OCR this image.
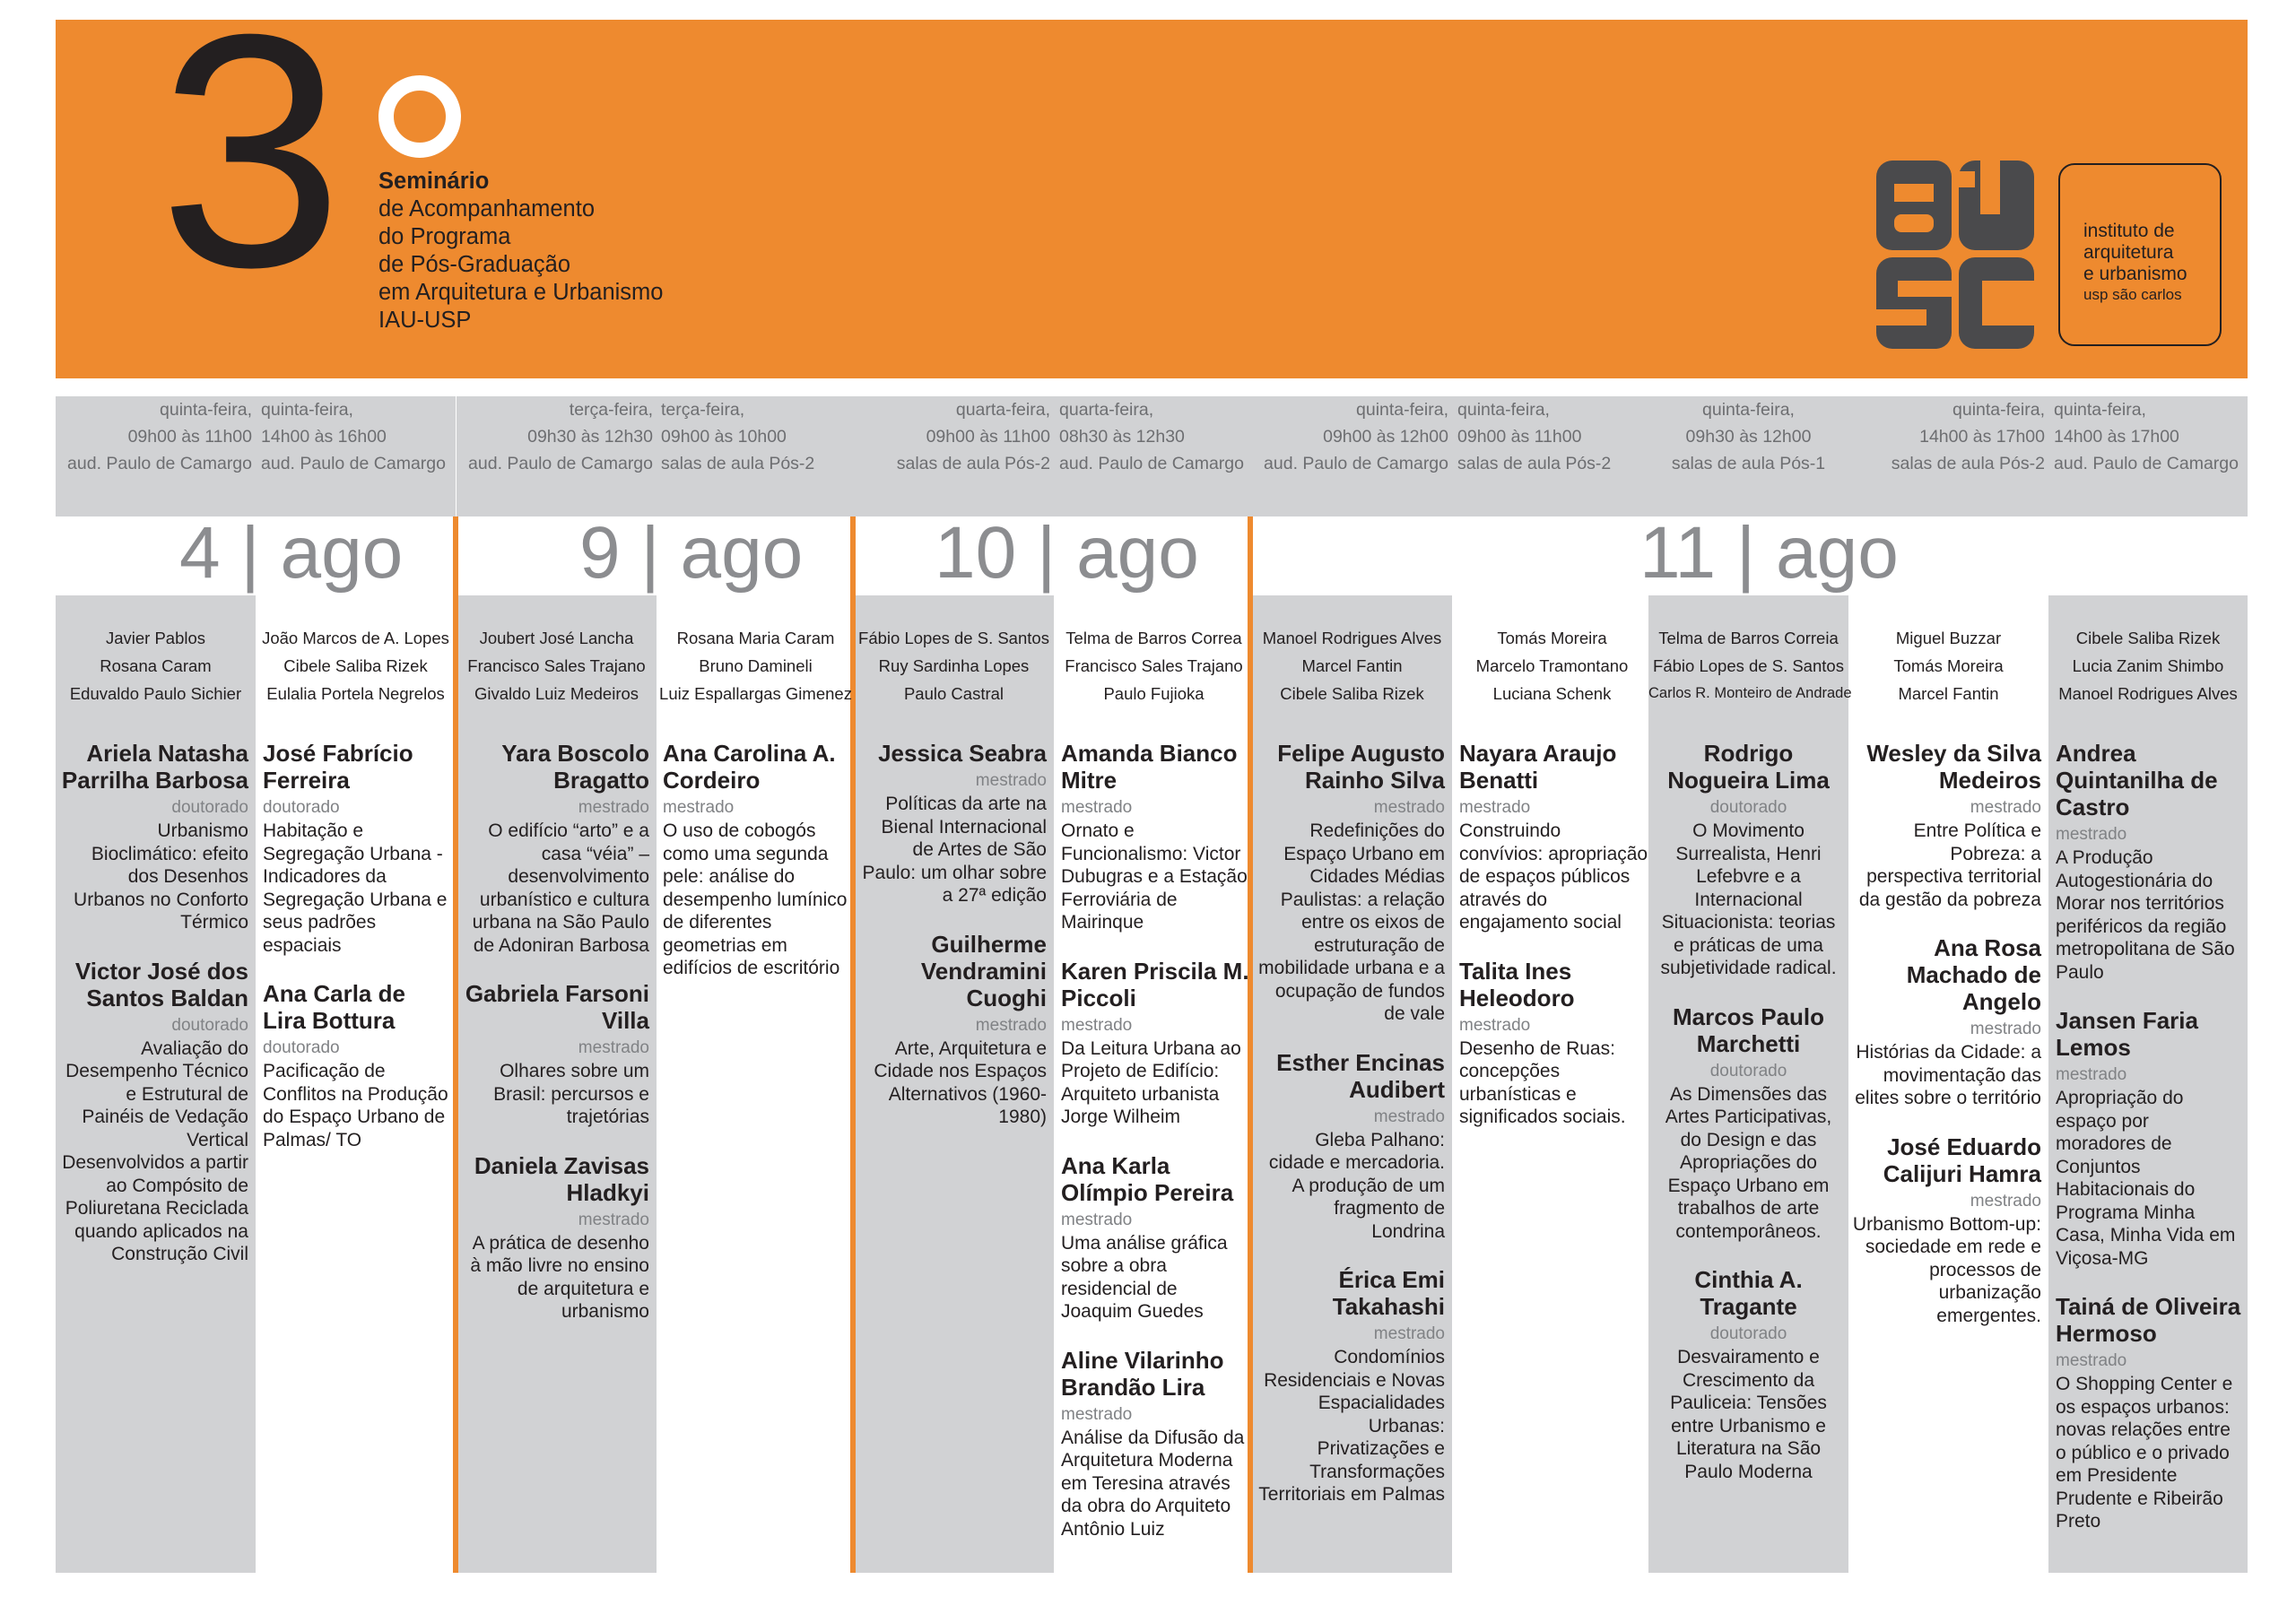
3 Seminário
de Acompanhamento
do Programa
de Pós-Graduação
em Arquitetura e Urbanismo
IAU-USP
instituto de
arquitetura
e urbanismo
usp são carlos
4 | ago 9 | ago 10 | ago	11 | ago
quinta-feira,
09h00 às 11h00
aud. Paulo de Camargo
Javier Pablos
Rosana Caram
Eduvaldo Paulo Sichier
Ariela Natasha Parrilha Barbosa
doutorado
Urbanismo Bioclimático: efeito dos Desenhos Urbanos no Conforto Térmico
Victor José dos Santos Baldan
doutorado
Avaliação do Desempenho Técnico e Estrutural de Painéis de Vedação Vertical Desenvolvidos a partir ao Compósito de Poliuretana Reciclada quando aplicados na Construção Civil
quinta-feira,
14h00 às 16h00
aud. Paulo de Camargo
João Marcos de A. Lopes
Cibele Saliba Rizek
Eulalia Portela Negrelos
José Fabrício Ferreira
doutorado
Habitação e Segregação Urbana - Indicadores da Segregação Urbana e seus padrões espaciais
Ana Carla de Lira Bottura
doutorado
Pacificação de Conflitos na Produção do Espaço Urbano de Palmas/ TO
terça-feira,
09h30 às 12h30
aud. Paulo de Camargo
Joubert José Lancha
Francisco Sales Trajano
Givaldo Luiz Medeiros
Yara Boscolo Bragatto
mestrado
O edifício “arto” e a casa “véia” – desenvolvimento urbanístico e cultura urbana na São Paulo de Adoniran Barbosa
Gabriela Farsoni Villa
mestrado
Olhares sobre um Brasil: percursos e trajetórias
Daniela Zavisas Hladkyi
mestrado
A prática de desenho à mão livre no ensino de arquitetura e urbanismo
terça-feira,
09h00 às 10h00
salas de aula Pós-2
Rosana Maria Caram
Bruno Damineli
Luiz Espallargas Gimenez
Ana Carolina A. Cordeiro
mestrado
O uso de cobogós como uma segunda pele: análise do desempenho lumínico de diferentes geometrias em edifícios de escritório
quarta-feira,
09h00 às 11h00
salas de aula Pós-2
Fábio Lopes de S. Santos
Ruy Sardinha Lopes
Paulo Castral
Jessica Seabra
mestrado
Políticas da arte na Bienal Internacional de Artes de São Paulo: um olhar sobre a 27ª edição
Guilherme Vendramini Cuoghi
mestrado
Arte, Arquitetura e Cidade nos Espaços Alternativos (1960-1980)
quarta-feira,
08h30 às 12h30
aud. Paulo de Camargo
Telma de Barros Correa
Francisco Sales Trajano
Paulo Fujioka
Amanda Bianco Mitre
mestrado
Ornato e Funcionalismo: Victor Dubugras e a Estação Ferroviária de Mairinque
Karen Priscila M. Piccoli
mestrado
Da Leitura Urbana ao Projeto de Edifício: Arquiteto urbanista Jorge Wilheim
Ana Karla Olímpio Pereira
mestrado
Uma análise gráfica sobre a obra residencial de Joaquim Guedes
Aline Vilarinho Brandão Lira
mestrado
Análise da Difusão da Arquitetura Moderna em Teresina através da obra do Arquiteto Antônio Luiz
quinta-feira,
09h00 às 12h00
aud. Paulo de Camargo
Manoel Rodrigues Alves
Marcel Fantin
Cibele Saliba Rizek
Felipe Augusto Rainho Silva
mestrado
Redefinições do Espaço Urbano em Cidades Médias Paulistas: a relação entre os eixos de estruturação de mobilidade urbana e a ocupação de fundos de vale
Esther Encinas Audibert
mestrado
Gleba Palhano: cidade e mercadoria. A produção de um fragmento de Londrina
Érica Emi Takahashi
mestrado
Condomínios Residenciais e Novas Espacialidades Urbanas: Privatizações e Transformações Territoriais em Palmas
quinta-feira,
09h00 às 11h00
salas de aula Pós-2
Tomás Moreira
Marcelo Tramontano
Luciana Schenk
Nayara Araujo Benatti
mestrado
Construindo convívios: apropriação de espaços públicos através do engajamento social
Talita Ines Heleodoro
mestrado
Desenho de Ruas: concepções urbanísticas e significados sociais.
quinta-feira,
09h30 às 12h00
salas de aula Pós-1
Telma de Barros Correia
Fábio Lopes de S. Santos
Carlos R. Monteiro de Andrade
Rodrigo Nogueira Lima
doutorado
O Movimento Surrealista, Henri Lefebvre e a Internacional Situacionista: teorias e práticas de uma subjetividade radical.
Marcos Paulo Marchetti
doutorado
As Dimensões das Artes Participativas, do Design e das Apropriações do Espaço Urbano em trabalhos de arte contemporâneos.
Cinthia A. Tragante
doutorado
Desvairamento e Crescimento da Pauliceia: Tensões entre Urbanismo e Literatura na São Paulo Moderna
quinta-feira,
14h00 às 17h00
salas de aula Pós-2
Miguel Buzzar
Tomás Moreira
Marcel Fantin
Wesley da Silva Medeiros
mestrado
Entre Política e Pobreza: a perspectiva territorial da gestão da pobreza
Ana Rosa Machado de Angelo
mestrado
Histórias da Cidade: a movimentação das elites sobre o território
José Eduardo Calijuri Hamra
mestrado
Urbanismo Bottom-up: sociedade em rede e processos de urbanização emergentes.
quinta-feira,
14h00 às 17h00
aud. Paulo de Camargo
Cibele Saliba Rizek
Lucia Zanim Shimbo
Manoel Rodrigues Alves
Andrea Quintanilha de Castro
mestrado
A Produção Autogestionária do Morar nos territórios periféricos da região metropolitana de São Paulo
Jansen Faria Lemos
mestrado
Apropriação do espaço por moradores de Conjuntos Habitacionais do Programa Minha Casa, Minha Vida em Viçosa-MG
Tainá de Oliveira Hermoso
mestrado
O Shopping Center e os espaços urbanos: novas relações entre o público e o privado em Presidente Prudente e Ribeirão Preto
